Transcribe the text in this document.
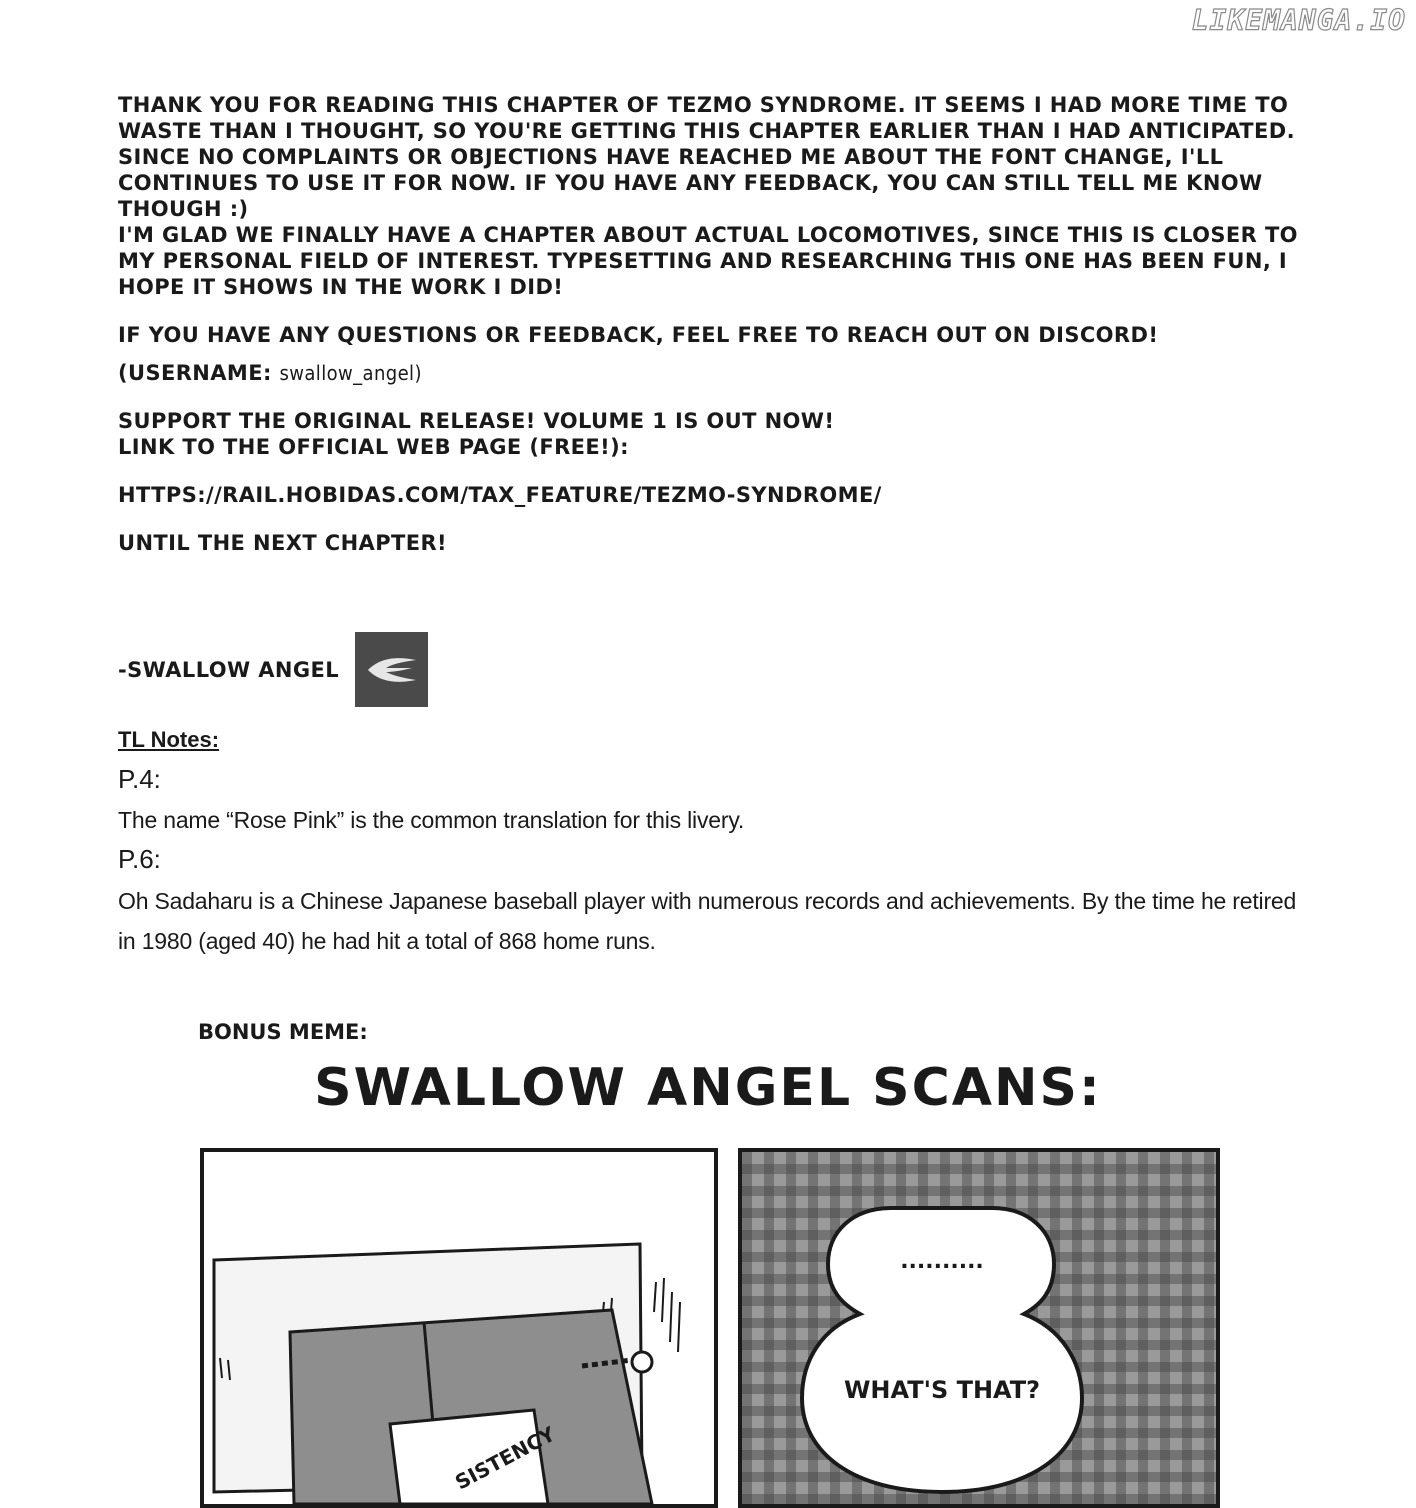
LIKEMANGA.IO

THANK YOU FOR READING THIS CHAPTER OF TEZMO SYNDROME. IT SEEMS I HAD MORE TIME TO WASTE THAN I THOUGHT, SO YOU'RE GETTING THIS CHAPTER EARLIER THAN I HAD ANTICIPATED.

SINCE NO COMPLAINTS OR OBJECTIONS HAVE REACHED ME ABOUT THE FONT CHANGE, I'LL CONTINUES TO USE IT FOR NOW. IF YOU HAVE ANY FEEDBACK, YOU CAN STILL TELL ME KNOW THOUGH :)

I'M GLAD WE FINALLY HAVE A CHAPTER ABOUT ACTUAL LOCOMOTIVES, SINCE THIS IS CLOSER TO MY PERSONAL FIELD OF INTEREST. TYPESETTING AND RESEARCHING THIS ONE HAS BEEN FUN, I HOPE IT SHOWS IN THE WORK I DID!

IF YOU HAVE ANY QUESTIONS OR FEEDBACK, FEEL FREE TO REACH OUT ON DISCORD!

(USERNAME: swallow_angel)

SUPPORT THE ORIGINAL RELEASE! VOLUME 1 IS OUT NOW!

LINK TO THE OFFICIAL WEB PAGE (FREE!):

HTTPS://RAIL.HOBIDAS.COM/TAX_FEATURE/TEZMO-SYNDROME/

UNTIL THE NEXT CHAPTER!

-SWALLOW ANGEL
TL Notes:
P.4:
The name “Rose Pink” is the common translation for this livery.
P.6:
Oh Sadaharu is a Chinese Japanese baseball player with numerous records and achievements. By the time he retired in 1980 (aged 40) he had hit a total of 868 home runs.
BONUS MEME:
SWALLOW ANGEL SCANS:
SISTENCY
..........
WHAT'S THAT?
